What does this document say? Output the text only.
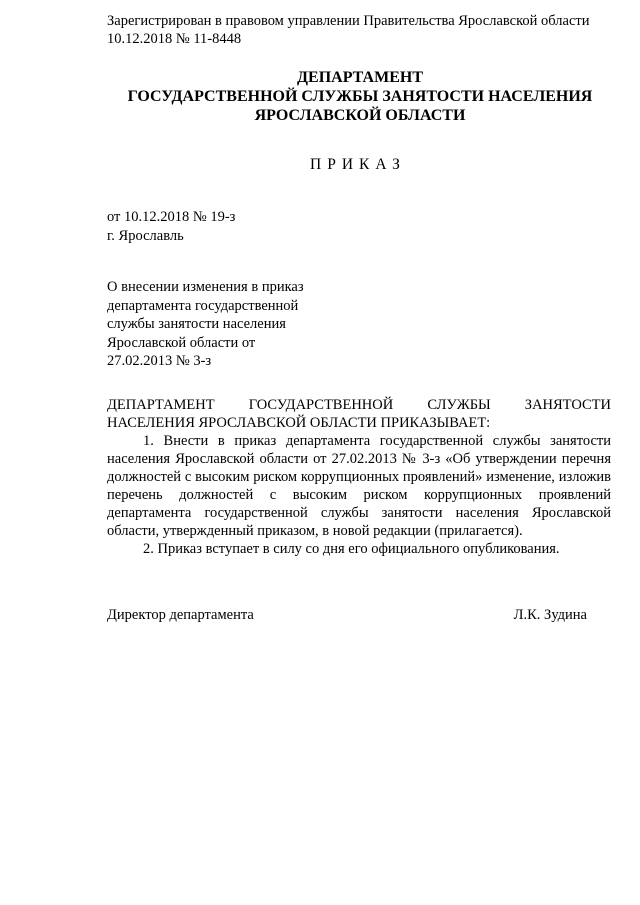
Зарегистрирован в правовом управлении Правительства Ярославской области
10.12.2018 № 11-8448
ДЕПАРТАМЕНТ
ГОСУДАРСТВЕННОЙ СЛУЖБЫ ЗАНЯТОСТИ НАСЕЛЕНИЯ
ЯРОСЛАВСКОЙ ОБЛАСТИ
ПРИКАЗ
от 10.12.2018 № 19-з
г. Ярославль
О внесении изменения в приказ
департамента государственной
службы занятости населения
Ярославской области от
27.02.2013 № 3-з

ДЕПАРТАМЕНТ ГОСУДАРСТВЕННОЙ СЛУЖБЫ ЗАНЯТОСТИ НАСЕЛЕНИЯ ЯРОСЛАВСКОЙ ОБЛАСТИ ПРИКАЗЫВАЕТ:

1. Внести в приказ департамента государственной службы занятости населения Ярославской области от 27.02.2013 № 3-з «Об утверждении перечня должностей с высоким риском коррупционных проявлений» изменение, изложив перечень должностей с высоким риском коррупционных проявлений департамента государственной службы занятости населения Ярославской области, утвержденный приказом, в новой редакции (прилагается).

2. Приказ вступает в силу со дня его официального опубликования.

Директор департамента	Л.К. Зудина
